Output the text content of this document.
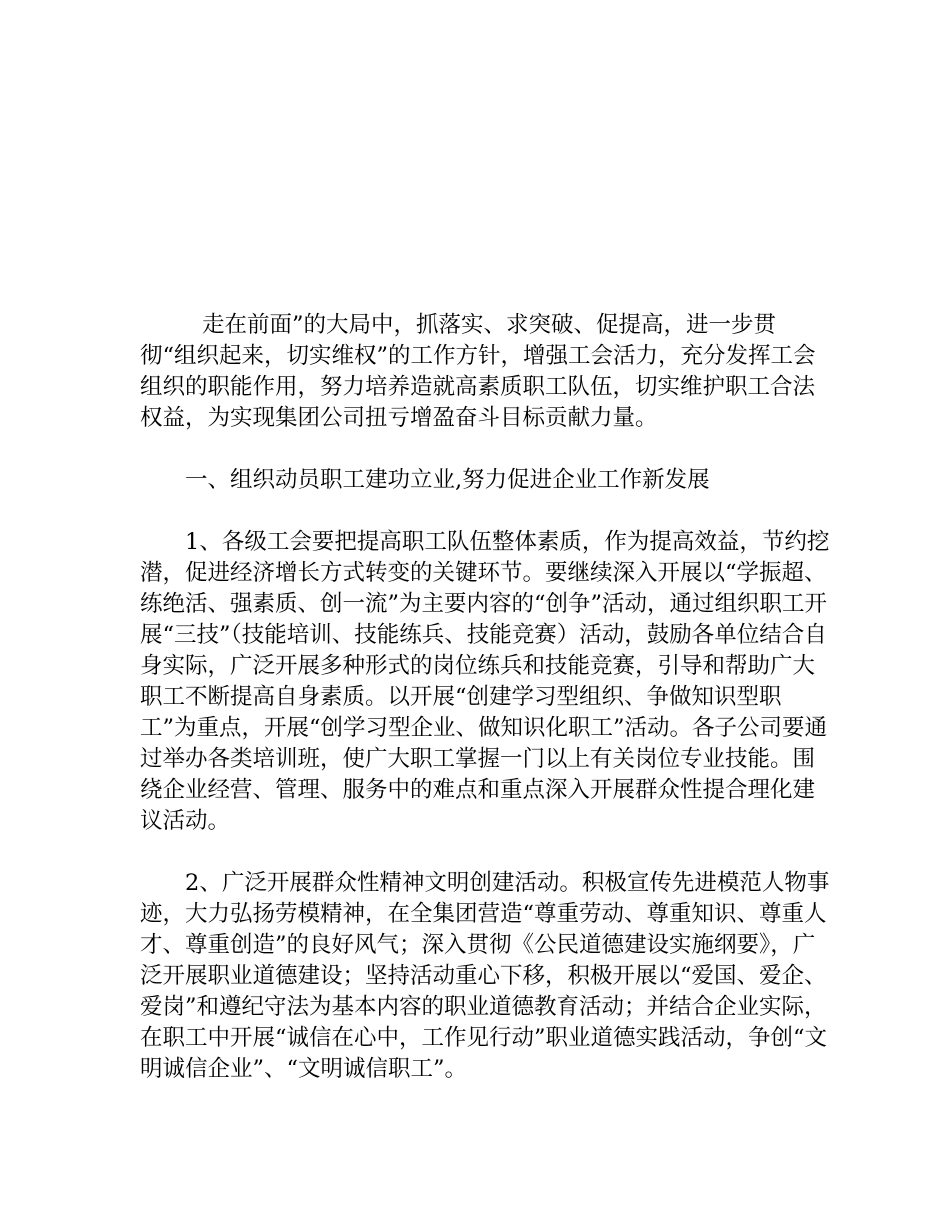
走在前面”的大局中，抓落实、求突破、促提高，进一步贯彻“组织起来，切实维权”的工作方针，增强工会活力，充分发挥工会组织的职能作用，努力培养造就高素质职工队伍，切实维护职工合法权益，为实现集团公司扭亏增盈奋斗目标贡献力量。

一、组织动员职工建功立业,努力促进企业工作新发展

1、各级工会要把提高职工队伍整体素质，作为提高效益，节约挖潜，促进经济增长方式转变的关键环节。要继续深入开展以“学振超、练绝活、强素质、创一流”为主要内容的“创争”活动，通过组织职工开展“三技”（技能培训、技能练兵、技能竞赛）活动，鼓励各单位结合自身实际，广泛开展多种形式的岗位练兵和技能竞赛，引导和帮助广大职工不断提高自身素质。以开展“创建学习型组织、争做知识型职工”为重点，开展“创学习型企业、做知识化职工”活动。各子公司要通过举办各类培训班，使广大职工掌握一门以上有关岗位专业技能。围绕企业经营、管理、服务中的难点和重点深入开展群众性提合理化建议活动。

2、广泛开展群众性精神文明创建活动。积极宣传先进模范人物事迹，大力弘扬劳模精神，在全集团营造“尊重劳动、尊重知识、尊重人才、尊重创造”的良好风气；深入贯彻《公民道德建设实施纲要》，广泛开展职业道德建设；坚持活动重心下移，积极开展以“爱国、爱企、爱岗”和遵纪守法为基本内容的职业道德教育活动；并结合企业实际，在职工中开展“诚信在心中，工作见行动”职业道德实践活动，争创“文明诚信企业”、“文明诚信职工”。
